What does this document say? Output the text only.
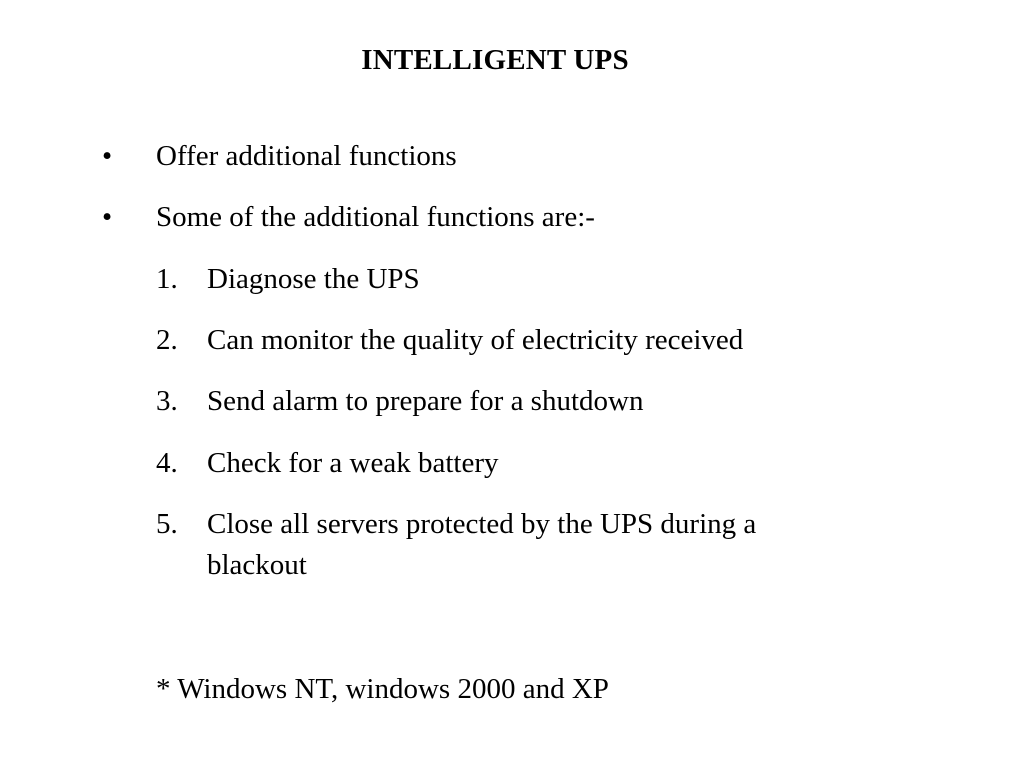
INTELLIGENT UPS
• Offer additional functions
• Some of the additional functions are:-
1. Diagnose the UPS
2. Can monitor the quality of electricity received
3. Send alarm to prepare for a shutdown
4. Check for a weak battery
5. Close all servers protected by the UPS during a
blackout
* Windows NT, windows 2000 and XP
